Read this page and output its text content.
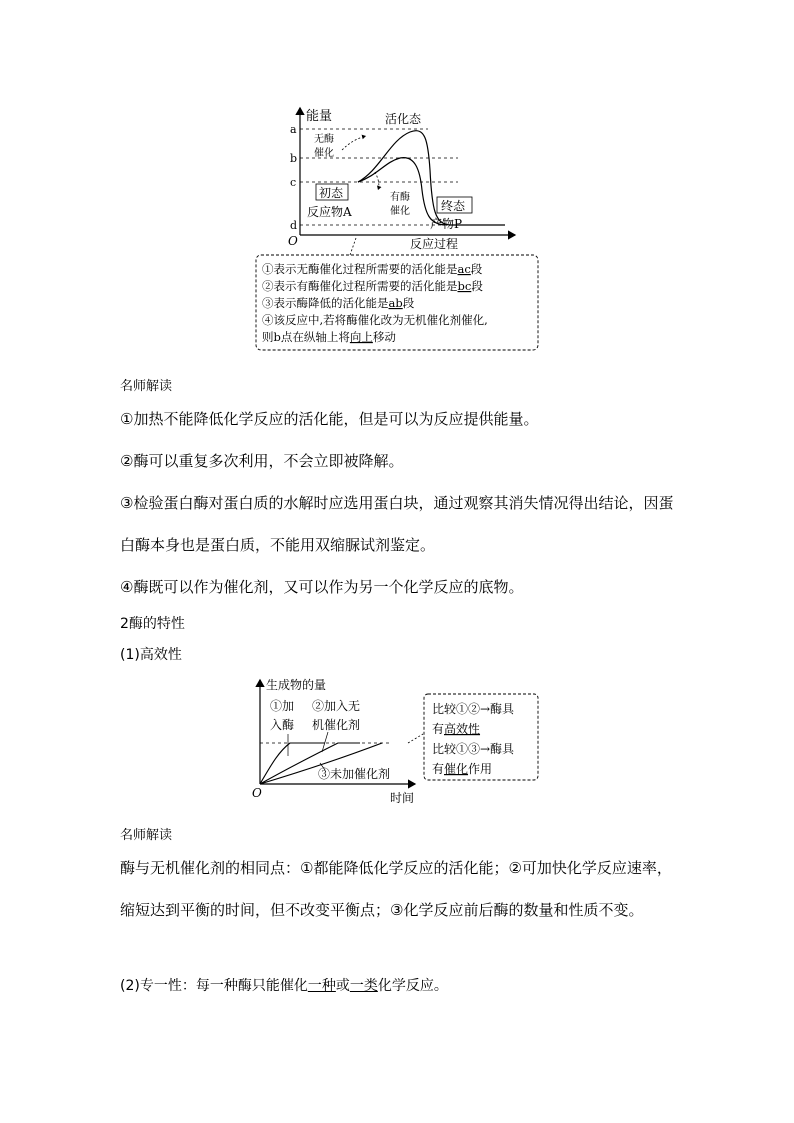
能量
O	反应过程
a
b
c
d
活化态
无酶
催化
有酶
催化
初态
反应物A	终态
产物P
①表示无酶催化过程所需要的活化能是ac段
②表示有酶催化过程所需要的活化能是bc段
③表示酶降低的活化能是ab段
④该反应中,若将酶催化改为无机催化剂催化,
则b点在纵轴上将向上移动
名师解读
①加热不能降低化学反应的活化能，但是可以为反应提供能量。
②酶可以重复多次利用，不会立即被降解。
③检验蛋白酶对蛋白质的水解时应选用蛋白块，通过观察其消失情况得出结论，因蛋白酶本身也是蛋白质，不能用双缩脲试剂鉴定。
④酶既可以作为催化剂，又可以作为另一个化学反应的底物。
2酶的特性
(1)高效性
生成物的量
时间
O
①加
入酶
②加入无
机催化剂
③未加催化剂
比较①②→酶具
有高效性
比较①③→酶具
有催化作用
名师解读
酶与无机催化剂的相同点：①都能降低化学反应的活化能；②可加快化学反应速率，缩短达到平衡的时间，但不改变平衡点；③化学反应前后酶的数量和性质不变。
(2)专一性：每一种酶只能催化一种或一类化学反应。
